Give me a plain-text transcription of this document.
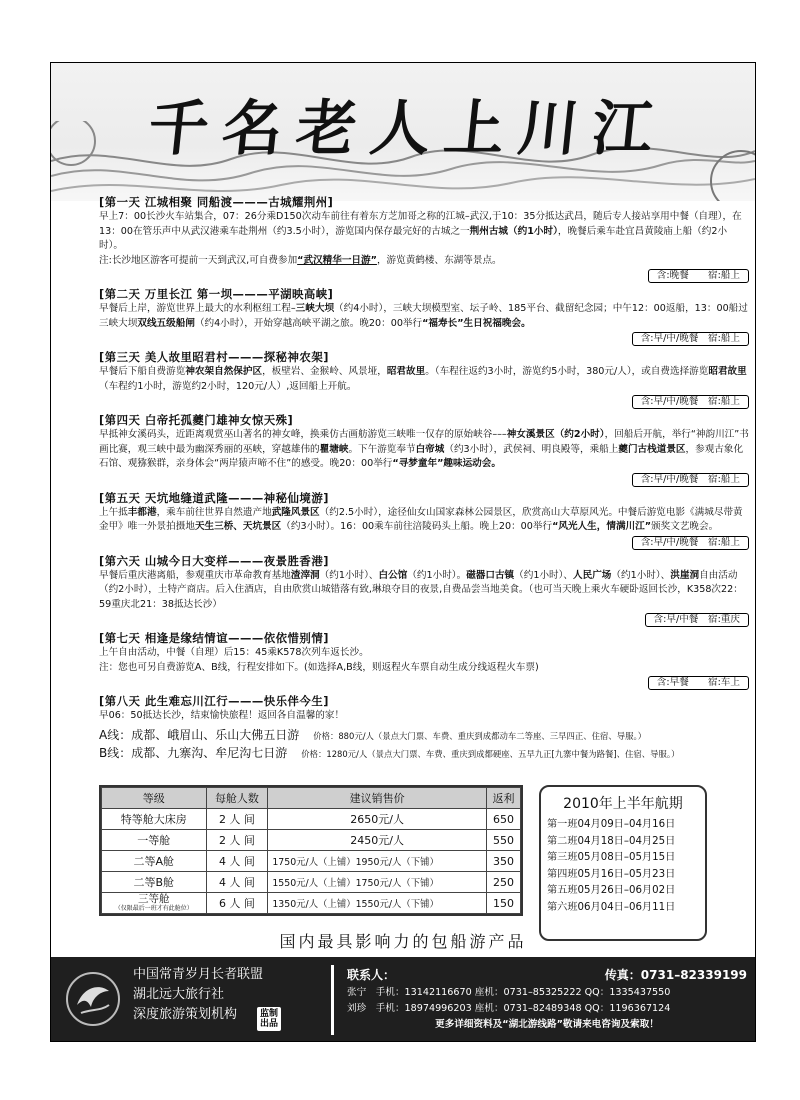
千名老人上川江
[第一天 江城相聚 同船渡———古城耀荆州]
早上7：00长沙火车站集合，07：26分乘D150次动车前往有着东方芝加哥之称的江城–武汉,于10：35分抵达武昌，随后专人接站享用中餐（自理），在13：00在管乐声中从武汉港乘车赴荆州（约3.5小时），游览国内保存最完好的古城之一荆州古城（约1小时），晚餐后乘车赴宜昌黄陵庙上船（约2小时）。
注:长沙地区游客可提前一天到武汉,可自费参加“武汉精华一日游”，游览黄鹤楼、东湖等景点。
含:晚餐　　宿:船上
[第二天 万里长江 第一坝———平湖映高峡]
早餐后上岸，游览世界上最大的水利枢纽工程–三峡大坝（约4小时），三峡大坝模型室、坛子岭、185平台、截留纪念园；中午12：00返船，13：00船过三峡大坝双线五级船闸（约4小时），开始穿越高峡平湖之旅。晚20：00举行“福寿长”生日祝福晚会。
含:早/中/晚餐　宿:船上
[第三天 美人故里昭君村———探秘神农架]
早餐后下船自费游览神农架自然保护区，板壁岩、金猴岭、风景垭，昭君故里。（车程往返约3小时，游览约5小时，380元/人），或自费选择游览昭君故里（车程约1小时，游览约2小时，120元/人）,返回船上开航。
含:早/中/晚餐　宿:船上
[第四天 白帝托孤夔门雄神女惊天殊]
早抵神女溪码头，近距离观赏巫山著名的神女峰，换乘仿古画舫游览三峡唯一仅存的原始峡谷–––神女溪景区（约2小时），回船后开航，举行“神韵川江”书画比赛，观三峡中最为幽深秀丽的巫峡，穿越雄伟的瞿塘峡。下午游览奉节白帝城（约3小时），武侯祠、明良殿等，乘船上夔门古栈道景区，参观古象化石馆、观猕猴群，亲身体会“两岸猿声啼不住”的感受。晚20：00举行“寻梦童年”趣味运动会。
含:早/中/晚餐　宿:船上
[第五天 天坑地缝道武隆———神秘仙境游]
上午抵丰都港，乘车前往世界自然遗产地武隆风景区（约2.5小时），途径仙女山国家森林公园景区，欣赏高山大草原风光。中餐后游览电影《满城尽带黄金甲》唯一外景拍摄地天生三桥、天坑景区（约3小时）。16：00乘车前往涪陵码头上船。晚上20：00举行“风光人生，情满川江”颁奖文艺晚会。
含:早/中/晚餐　宿:船上
[第六天 山城今日大变样———夜景胜香港]
早餐后重庆港离船，参观重庆市革命教育基地渣滓洞（约1小时）、白公馆（约1小时）。磁器口古镇（约1小时）、人民广场（约1小时）、洪崖洞自由活动（约2小时），土特产商店。后入住酒店，自由欣赏山城错落有致,琳琅夺目的夜景,自费品尝当地美食。（也可当天晚上乘火车硬卧返回长沙，K358次22：59重庆北21：38抵达长沙）
含:早/中餐　宿:重庆
[第七天 相逢是缘结情谊———依依惜别情]
上午自由活动，中餐（自理）后15：45乘K578次列车返长沙。
注：您也可另自费游览A、B线，行程安排如下。(如选择A,B线，则返程火车票自动生成分线返程火车票)
含:早餐　　宿:车上
[第八天 此生难忘川江行———快乐伴今生]
早06：50抵达长沙，结束愉快旅程！返回各自温馨的家！
A线：成都、峨眉山、乐山大佛五日游 价格：880元/人（景点大门票、车费、重庆到成都动车二等座、三早四正、住宿、导服。）
B线：成都、九寨沟、牟尼沟七日游 价格：1280元/人（景点大门票、车费、重庆到成都硬座、五早九正[九寨中餐为路餐]、住宿、导服。）
等级	每舱人数	建议销售价	返利
特等舱大床房	2 人 间	2650元/人	650
一等舱	2 人 间	2450元/人	550
二等A舱	4 人 间	1750元/人（上铺）1950元/人（下铺）	350
二等B舱	4 人 间	1550元/人（上铺）1750元/人（下铺）	250

三等舱
（仅限最后一班才有此舱位）	6 人 间	1350元/人（上铺）1550元/人（下铺）	150
2010年上半年航期
第一班04月09日–04月16日
第二班04月18日–04月25日
第三班05月08日–05月15日
第四班05月16日–05月23日
第五班05月26日–06月02日
第六班06月04日–06月11日
国内最具影响力的包船游产品
中国常青岁月长者联盟
湖北远大旅行社
深度旅游策划机构	监制
出品
联系人：	传真：0731–82339199
张宁　手机：13142116670 座机：0731–85325222 QQ：1335437550
刘珍　手机：18974996203 座机：0731–82489348 QQ：1196367124
更多详细资料及“湖北游线路”敬请来电咨询及索取！
